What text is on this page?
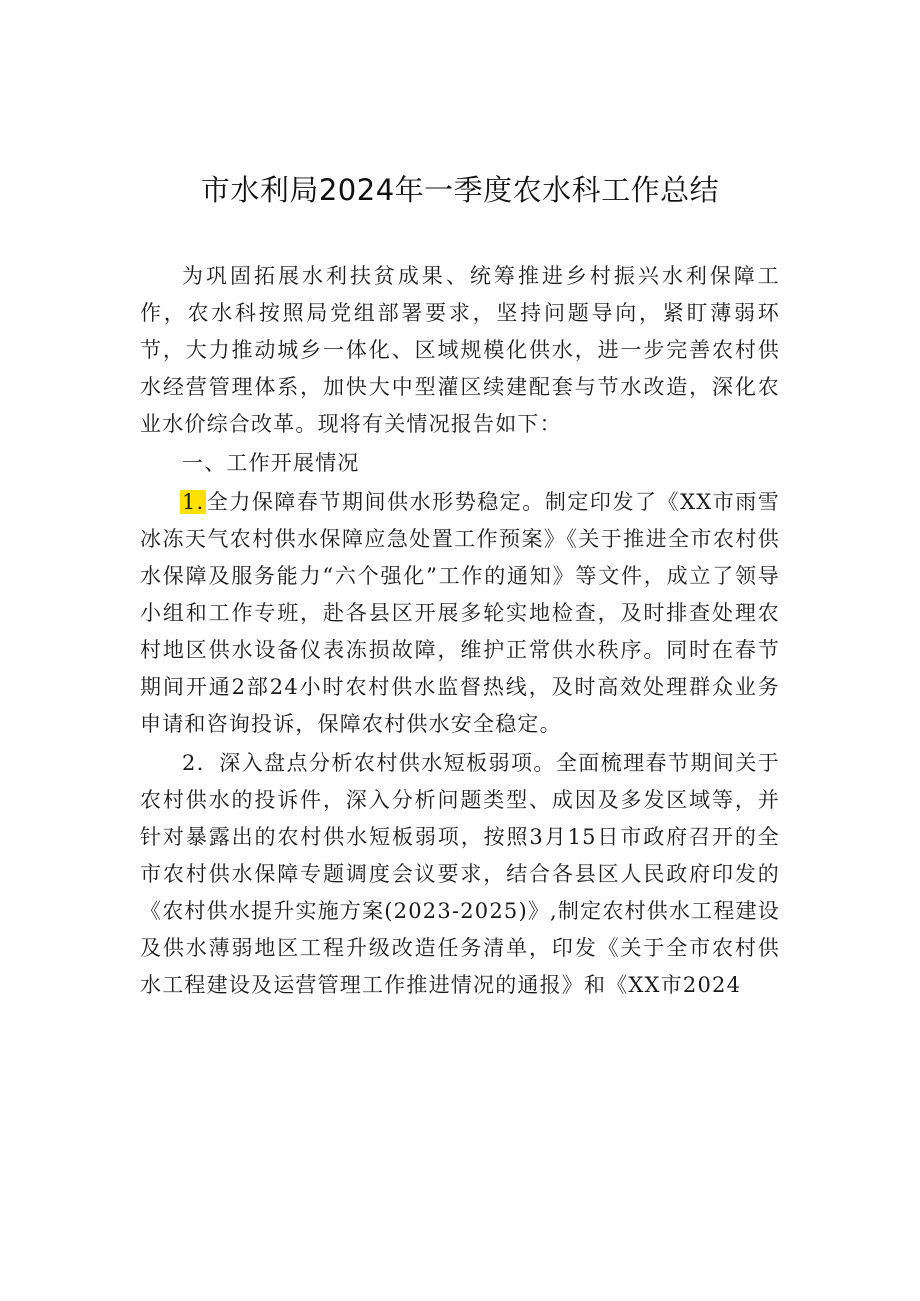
市水利局2024年一季度农水科工作总结

为巩固拓展水利扶贫成果、统筹推进乡村振兴水利保障工作，农水科按照局党组部署要求，坚持问题导向，紧盯薄弱环节，大力推动城乡一体化、区域规模化供水，进一步完善农村供水经营管理体系，加快大中型灌区续建配套与节水改造，深化农业水价综合改革。现将有关情况报告如下：

一、工作开展情况

1.全力保障春节期间供水形势稳定。制定印发了《XX市雨雪冰冻天气农村供水保障应急处置工作预案》《关于推进全市农村供水保障及服务能力“六个强化”工作的通知》等文件，成立了领导小组和工作专班，赴各县区开展多轮实地检查，及时排查处理农村地区供水设备仪表冻损故障，维护正常供水秩序。同时在春节期间开通2部24小时农村供水监督热线，及时高效处理群众业务申请和咨询投诉，保障农村供水安全稳定。

2．深入盘点分析农村供水短板弱项。全面梳理春节期间关于农村供水的投诉件，深入分析问题类型、成因及多发区域等，并针对暴露出的农村供水短板弱项，按照3月15日市政府召开的全市农村供水保障专题调度会议要求，结合各县区人民政府印发的《农村供水提升实施方案(2023-2025)》,制定农村供水工程建设及供水薄弱地区工程升级改造任务清单，印发《关于全市农村供水工程建设及运营管理工作推进情况的通报》和《XX市2024
